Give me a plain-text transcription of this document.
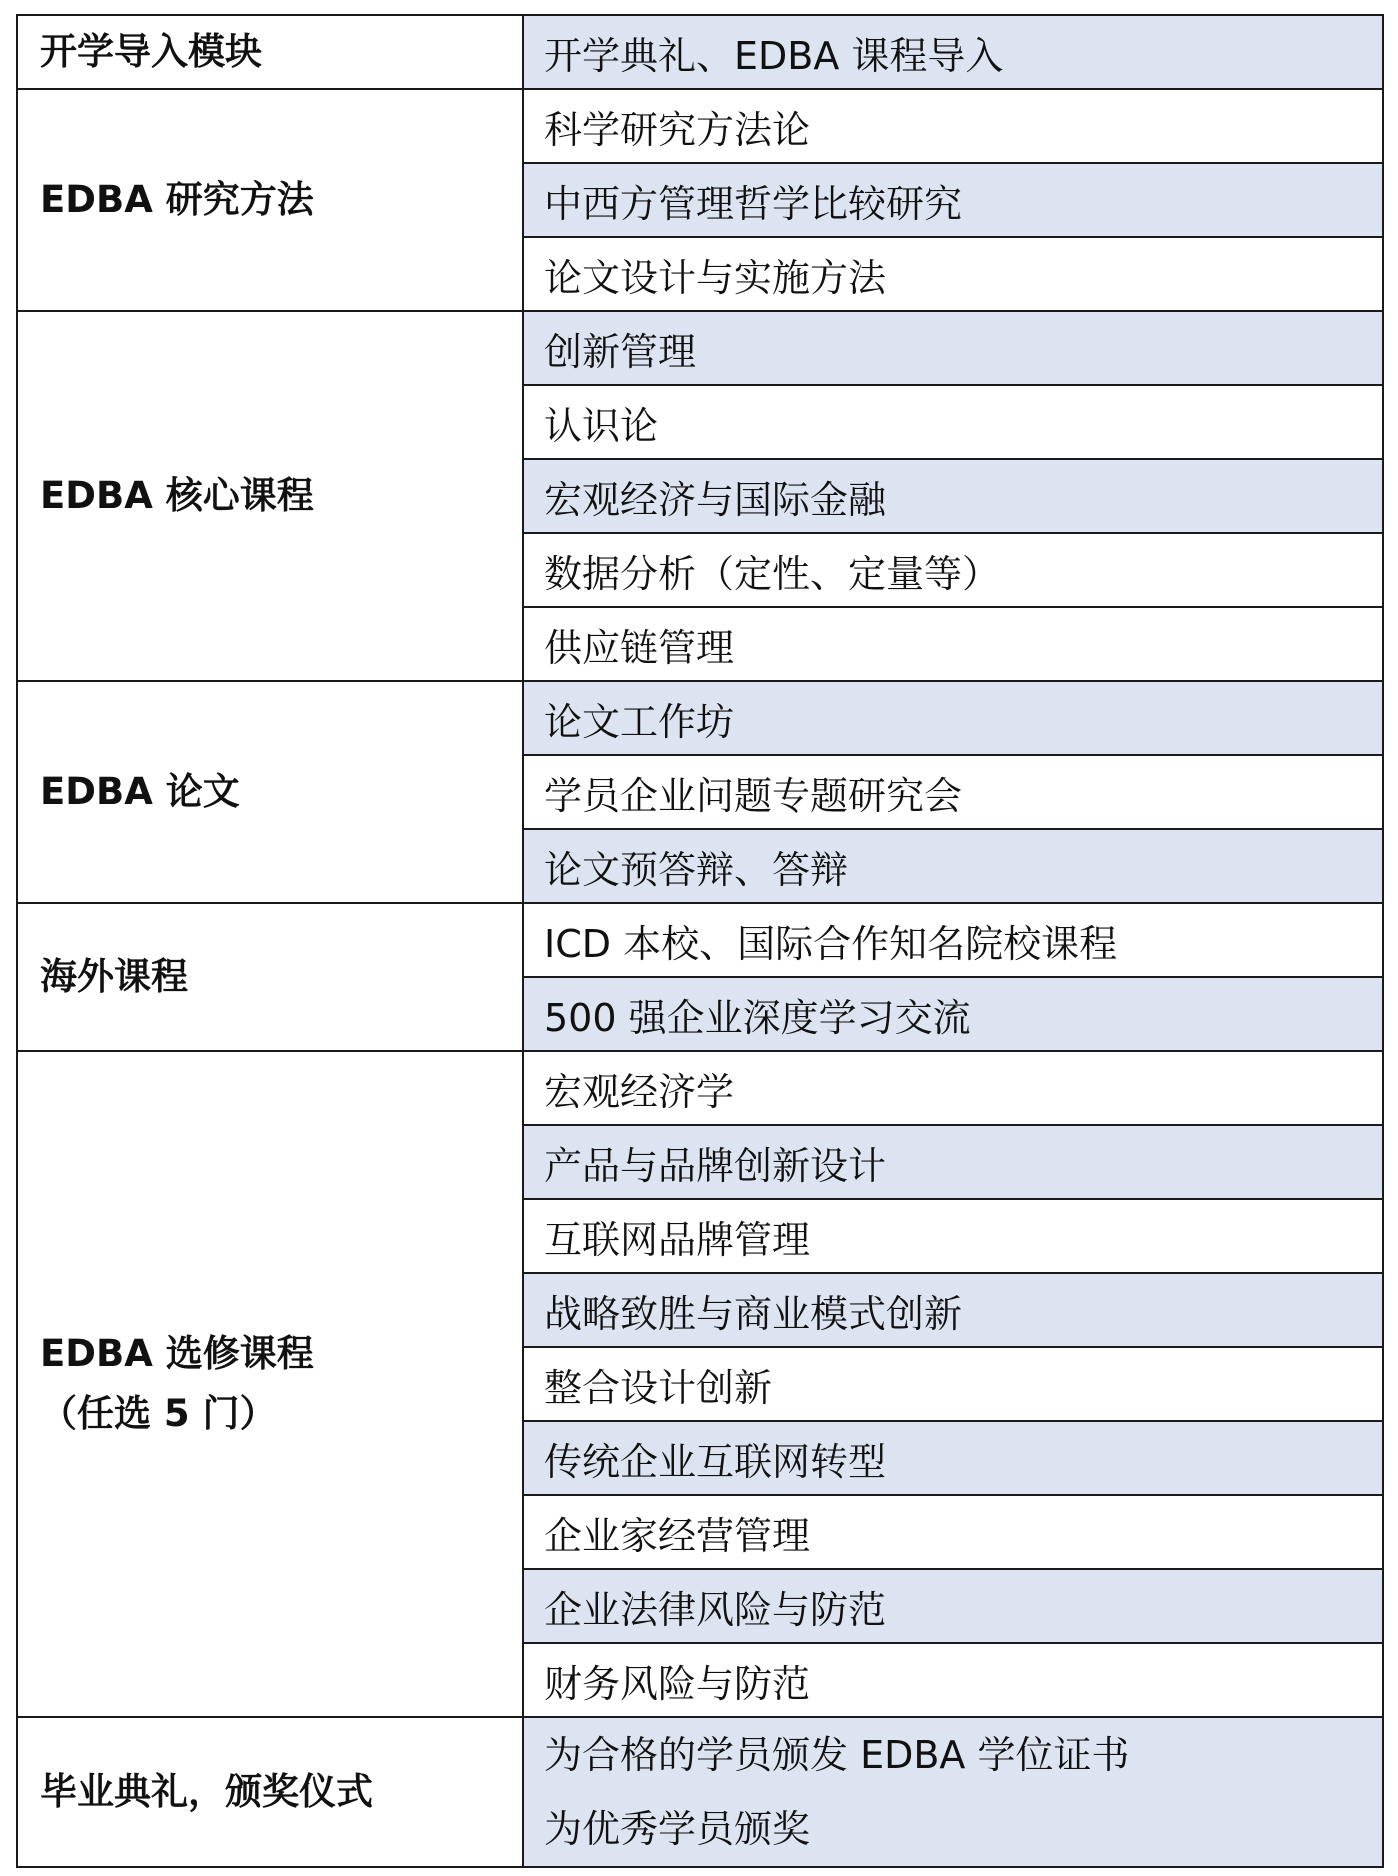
开学导入模块	开学典礼、EDBA 课程导入

EDBA 研究方法	科学研究方法论

	中西方管理哲学比较研究

	论文设计与实施方法

EDBA 核心课程	创新管理

	认识论

	宏观经济与国际金融

	数据分析（定性、定量等）

	供应链管理

EDBA 论文	论文工作坊

	学员企业问题专题研究会

	论文预答辩、答辩

海外课程	ICD 本校、国际合作知名院校课程

	500 强企业深度学习交流

EDBA 选修课程
（任选 5 门）	宏观经济学

	产品与品牌创新设计

	互联网品牌管理

	战略致胜与商业模式创新

	整合设计创新

	传统企业互联网转型

	企业家经营管理

	企业法律风险与防范

	财务风险与防范

毕业典礼，颁奖仪式	为合格的学员颁发 EDBA 学位证书
为优秀学员颁奖
